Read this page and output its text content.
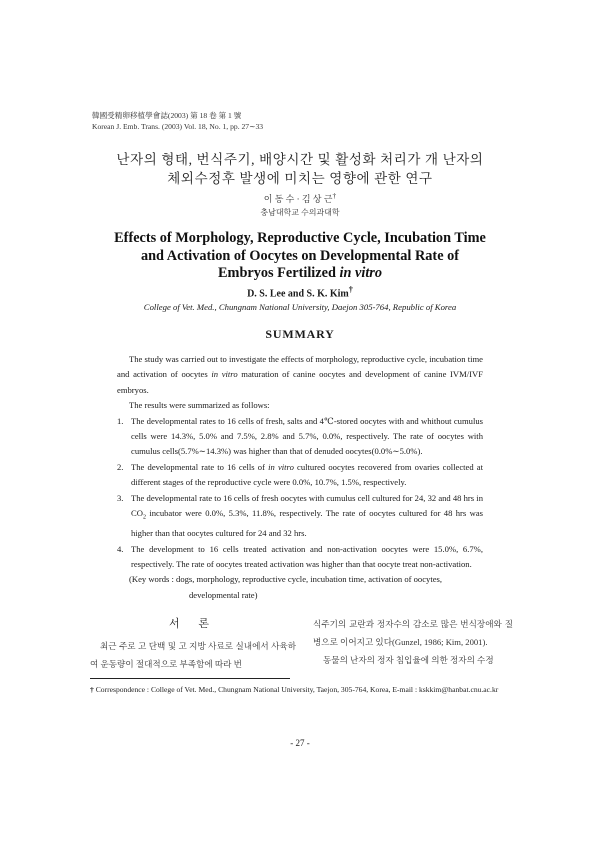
韓國受精卵移植學會誌(2003) 第 18 卷 第 1 號
Korean J. Emb. Trans. (2003) Vol. 18, No. 1, pp. 27∼33
난자의 형태, 번식주기, 배양시간 및 활성화 처리가 개 난자의
체외수정후 발생에 미치는 영향에 관한 연구
이 동 수 · 김 상 근†
충남대학교 수의과대학
Effects of Morphology, Reproductive Cycle, Incubation Time
and Activation of Oocytes on Developmental Rate of
Embryos Fertilized in vitro
D. S. Lee and S. K. Kim†
College of Vet. Med., Chungnam National University, Daejon 305-764, Republic of Korea
SUMMARY

The study was carried out to investigate the effects of morphology, reproductive cycle, incubation time and activation of oocytes in vitro maturation of canine oocytes and development of canine IVM/IVF embryos.

The results were summarized as follows:

1. The developmental rates to 16 cells of fresh, salts and 4℃-stored oocytes with and whithout cumulus cells were 14.3%, 5.0% and 7.5%, 2.8% and 5.7%, 0.0%, respectively. The rate of oocytes with cumulus cells(5.7%∼14.3%) was higher than that of denuded oocytes(0.0%∼5.0%).
2. The developmental rate to 16 cells of in vitro cultured oocytes recovered from ovaries collected at different stages of the reproductive cycle were 0.0%, 10.7%, 1.5%, respectively.
3. The developmental rate to 16 cells of fresh oocytes with cumulus cell cultured for 24, 32 and 48 hrs in $CO_2$ incubator were 0.0%, 5.3%, 11.8%, respectively. The rate of oocytes cultured for 48 hrs was higher than that oocytes cultured for 24 and 32 hrs.
4. The development to 16 cells treated activation and non-activation oocytes were 15.0%, 6.7%, respectively. The rate of oocytes treated activation was higher than that oocyte treat non-activation.

(Key words : dogs, morphology, reproductive cycle, incubation time, activation of oocytes,

developmental rate)

서 론

최근 주로 고 단백 및 고 지방 사료로 실내에서 사육하여 운동량이 절대적으로 부족함에 따라 번

식주기의 교란과 정자수의 감소로 많은 번식장애와 질병으로 이어지고 있다(Gunzel, 1986; Kim, 2001).

동물의 난자의 정자 침입율에 의한 정자의 수정

† Correspondence : College of Vet. Med., Chungnam National University, Taejon, 305-764, Korea, E-mail : kskkim@hanbat.cnu.ac.kr
- 27 -
